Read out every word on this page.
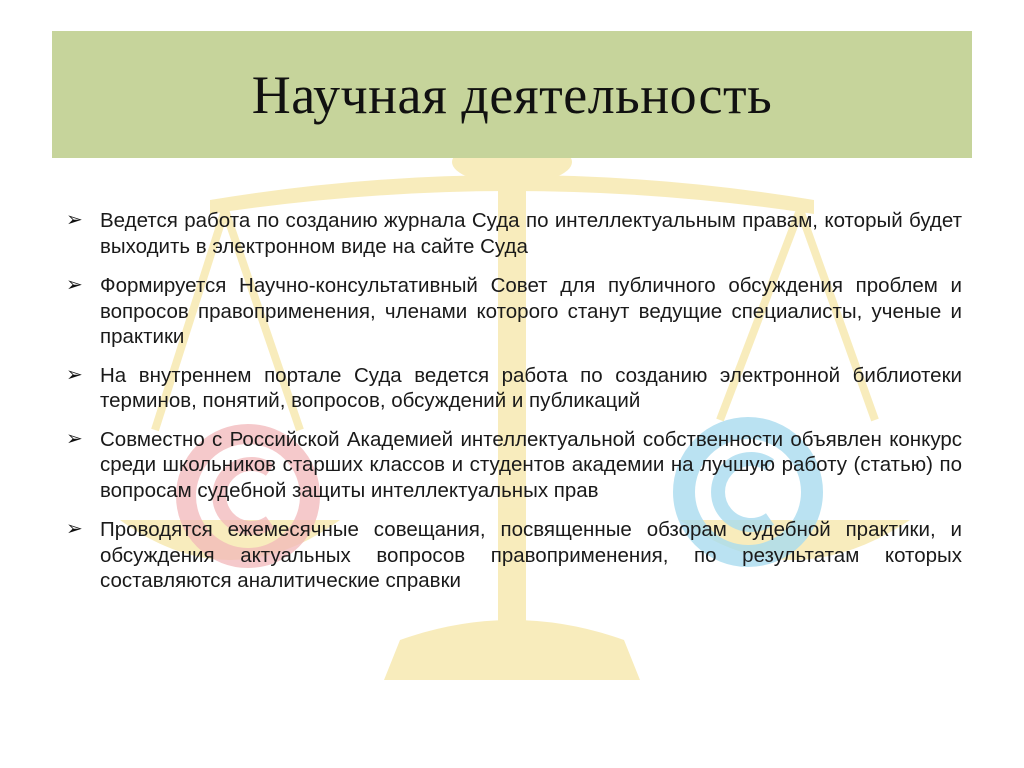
Научная деятельность
➢ Ведется работа по созданию журнала Суда по интеллектуальным правам, который будет выходить в электронном виде на сайте Суда
➢ Формируется Научно-консультативный Совет для публичного обсуждения проблем и вопросов правоприменения, членами которого станут ведущие специалисты, ученые и практики
➢ На внутреннем портале Суда ведется работа по созданию электронной библиотеки терминов, понятий, вопросов, обсуждений и публикаций
➢ Совместно с Российской Академией интеллектуальной собственности объявлен конкурс среди школьников старших классов и студентов академии на лучшую работу (статью) по вопросам судебной защиты интеллектуальных прав
➢ Проводятся ежемесячные совещания, посвященные обзорам судебной практики, и обсуждения актуальных вопросов правоприменения, по результатам которых составляются аналитические справки
